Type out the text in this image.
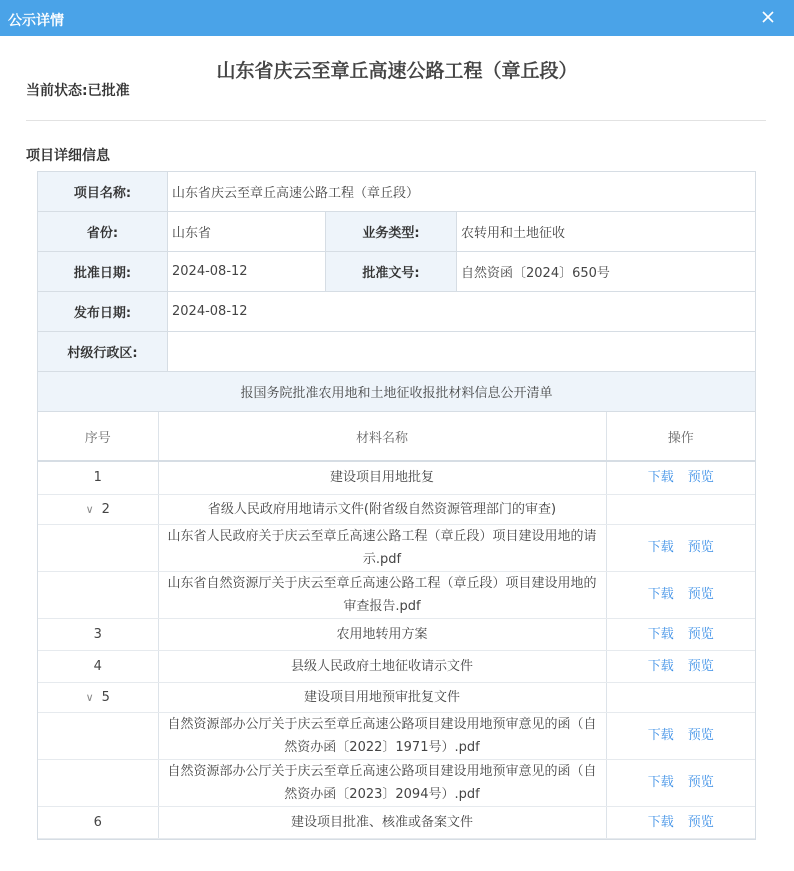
公示详情
山东省庆云至章丘高速公路工程（章丘段）
当前状态:已批准
项目详细信息
项目名称:	山东省庆云至章丘高速公路工程（章丘段）
省份:	山东省	业务类型:	农转用和土地征收
批准日期:	2024-08-12	批准文号:	自然资函〔2024〕650号
发布日期:	2024-08-12
村级行政区:
报国务院批准农用地和土地征收报批材料信息公开清单
序号	材料名称	操作
1	建设项目用地批复	下载 预览
∨ 2	省级人民政府用地请示文件(附省级自然资源管理部门的审查)	
	山东省人民政府关于庆云至章丘高速公路工程（章丘段）项目建设用地的请示.pdf	下载 预览
	山东省自然资源厅关于庆云至章丘高速公路工程（章丘段）项目建设用地的审查报告.pdf	下载 预览
3	农用地转用方案	下载 预览
4	县级人民政府土地征收请示文件	下载 预览
∨ 5	建设项目用地预审批复文件	
	自然资源部办公厅关于庆云至章丘高速公路项目建设用地预审意见的函（自然资办函〔2022〕1971号）.pdf	下载 预览
	自然资源部办公厅关于庆云至章丘高速公路项目建设用地预审意见的函（自然资办函〔2023〕2094号）.pdf	下载 预览
6	建设项目批准、核准或备案文件	下载 预览
